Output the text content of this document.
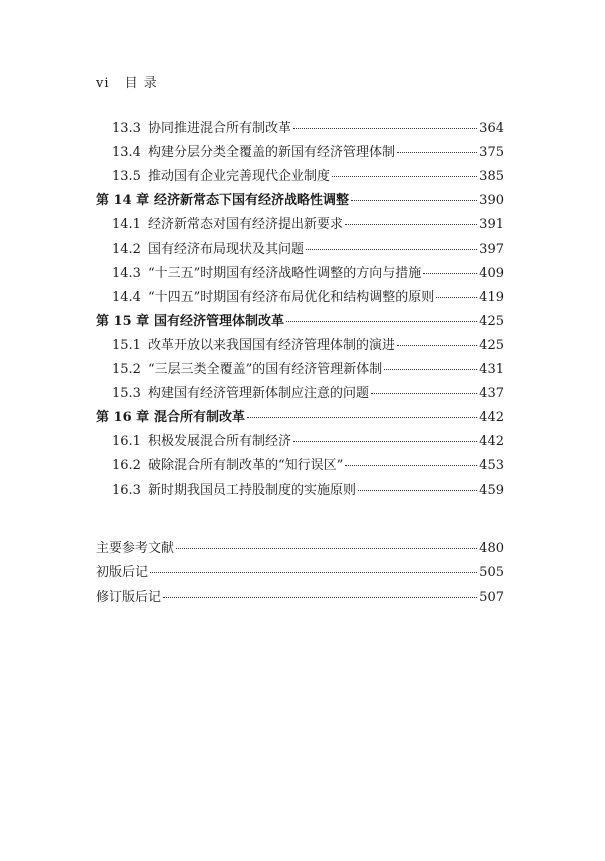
vi 目 录
13.3 协同推进混合所有制改革	364
13.4 构建分层分类全覆盖的新国有经济管理体制	375
13.5 推动国有企业完善现代企业制度	385
第 14 章 经济新常态下国有经济战略性调整	390
14.1 经济新常态对国有经济提出新要求	391
14.2 国有经济布局现状及其问题	397
14.3 “十三五”时期国有经济战略性调整的方向与措施	409
14.4 “十四五”时期国有经济布局优化和结构调整的原则	419
第 15 章 国有经济管理体制改革	425
15.1 改革开放以来我国国有经济管理体制的演进	425
15.2 “三层三类全覆盖”的国有经济管理新体制	431
15.3 构建国有经济管理新体制应注意的问题	437
第 16 章 混合所有制改革	442
16.1 积极发展混合所有制经济	442
16.2 破除混合所有制改革的“知行误区”	453
16.3 新时期我国员工持股制度的实施原则	459
主要参考文献	480
初版后记	505
修订版后记	507
